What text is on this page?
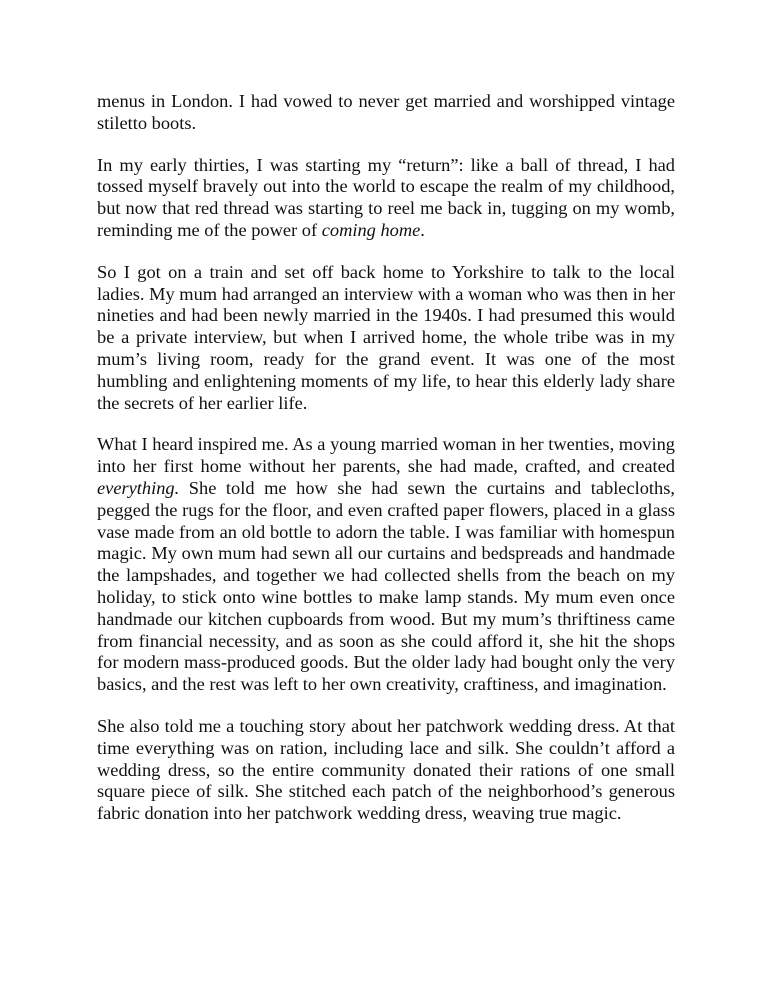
menus in London. I had vowed to never get married and worshipped vintage stiletto boots.

In my early thirties, I was starting my “return”: like a ball of thread, I had tossed myself bravely out into the world to escape the realm of my childhood, but now that red thread was starting to reel me back in, tugging on my womb, reminding me of the power of coming home.

So I got on a train and set off back home to Yorkshire to talk to the local ladies. My mum had arranged an interview with a woman who was then in her nineties and had been newly married in the 1940s. I had presumed this would be a private interview, but when I arrived home, the whole tribe was in my mum’s living room, ready for the grand event. It was one of the most humbling and enlightening moments of my life, to hear this elderly lady share the secrets of her earlier life.

What I heard inspired me. As a young married woman in her twenties, moving into her first home without her parents, she had made, crafted, and created everything. She told me how she had sewn the curtains and tablecloths, pegged the rugs for the floor, and even crafted paper flowers, placed in a glass vase made from an old bottle to adorn the table. I was familiar with homespun magic. My own mum had sewn all our curtains and bedspreads and handmade the lampshades, and together we had collected shells from the beach on my holiday, to stick onto wine bottles to make lamp stands. My mum even once handmade our kitchen cupboards from wood. But my mum’s thriftiness came from financial necessity, and as soon as she could afford it, she hit the shops for modern mass-produced goods. But the older lady had bought only the very basics, and the rest was left to her own creativity, craftiness, and imagination.

She also told me a touching story about her patchwork wedding dress. At that time everything was on ration, including lace and silk. She couldn’t afford a wedding dress, so the entire community donated their rations of one small square piece of silk. She stitched each patch of the neighborhood’s generous fabric donation into her patchwork wedding dress, weaving true magic.
